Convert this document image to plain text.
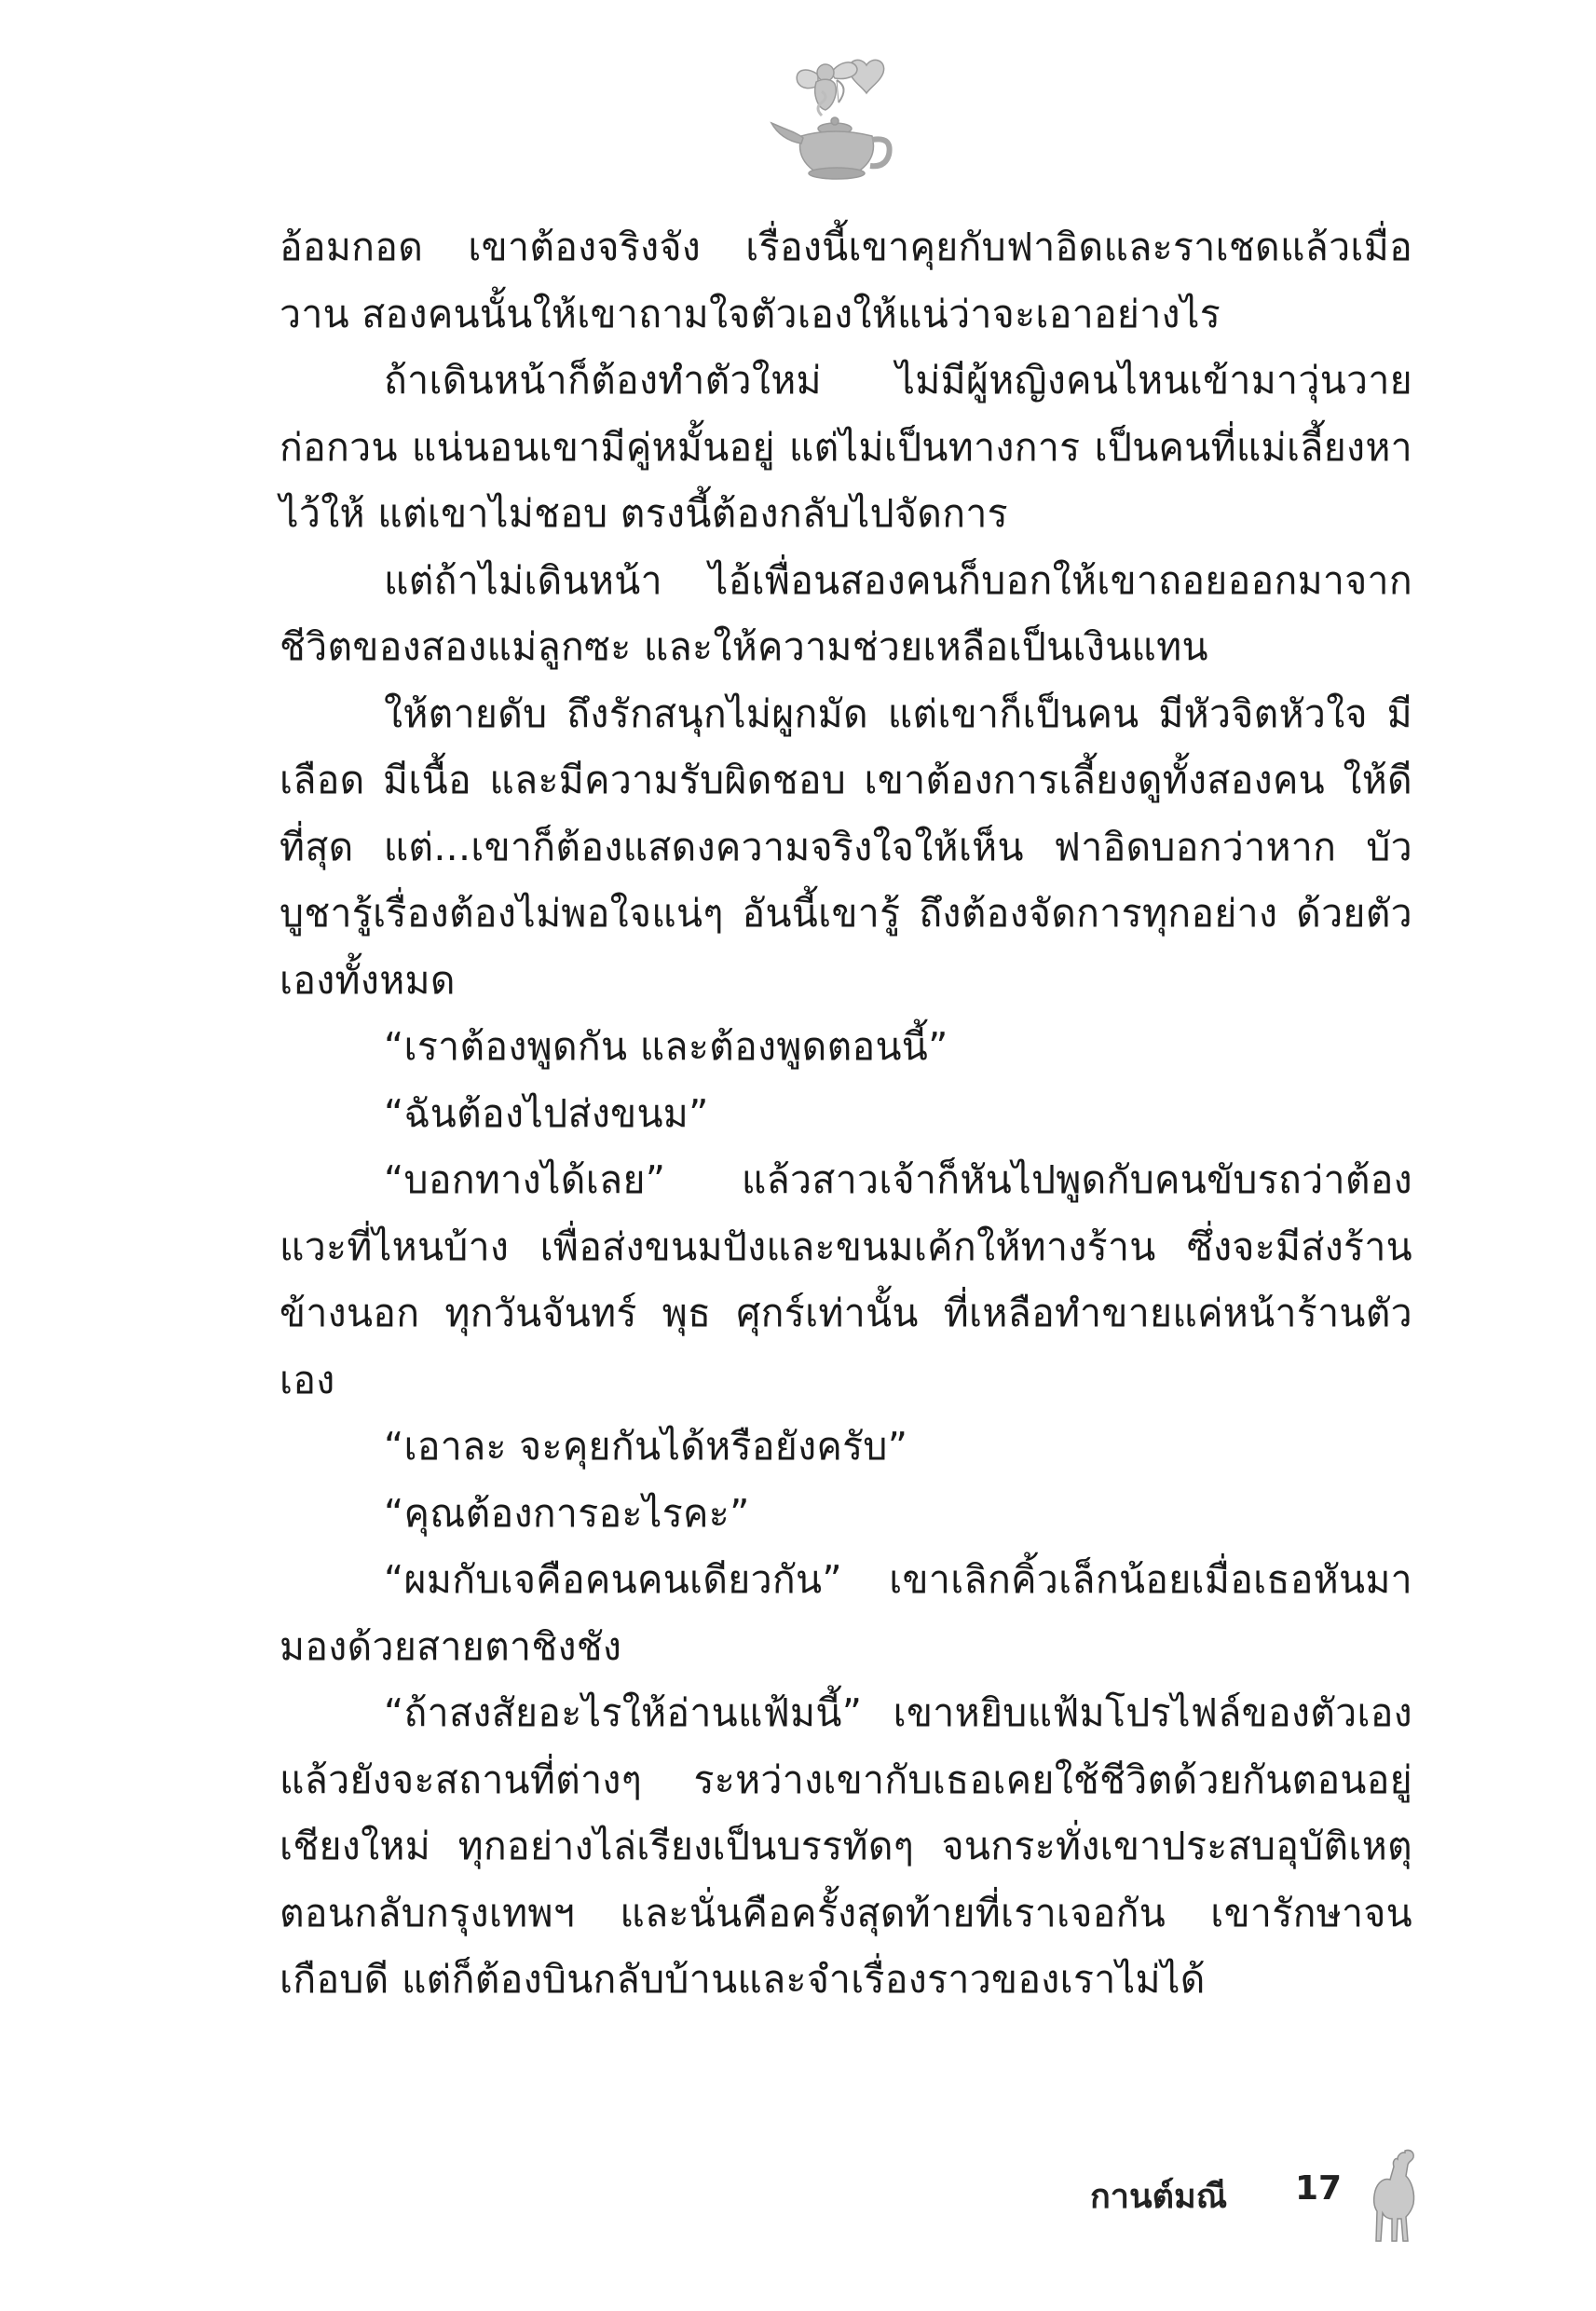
อ้อมกอด เขาต้องจริงจัง เรื่องนี้เขาคุยกับฟาอิดและราเชดแล้วเมื่อวาน สองคนนั้นให้เขาถามใจตัวเองให้แน่ว่าจะเอาอย่างไร

ถ้าเดินหน้าก็ต้องทำตัวใหม่ ไม่มีผู้หญิงคนไหนเข้ามาวุ่นวายก่อกวน แน่นอนเขามีคู่หมั้นอยู่ แต่ไม่เป็นทางการ เป็นคนที่แม่เลี้ยงหาไว้ให้ แต่เขาไม่ชอบ ตรงนี้ต้องกลับไปจัดการ

แต่ถ้าไม่เดินหน้า ไอ้เพื่อนสองคนก็บอกให้เขาถอยออกมาจากชีวิตของสองแม่ลูกซะ และให้ความช่วยเหลือเป็นเงินแทน

ให้ตายดับ ถึงรักสนุกไม่ผูกมัด แต่เขาก็เป็นคน มีหัวจิตหัวใจ มีเลือด มีเนื้อ และมีความรับผิดชอบ เขาต้องการเลี้ยงดูทั้งสองคน ให้ดีที่สุด แต่...เขาก็ต้องแสดงความจริงใจให้เห็น ฟาอิดบอกว่าหาก บัวบูชารู้เรื่องต้องไม่พอใจแน่ๆ อันนี้เขารู้ ถึงต้องจัดการทุกอย่าง ด้วยตัวเองทั้งหมด

“เราต้องพูดกัน และต้องพูดตอนนี้”

“ฉันต้องไปส่งขนม”

“บอกทางได้เลย” แล้วสาวเจ้าก็หันไปพูดกับคนขับรถว่าต้องแวะที่ไหนบ้าง เพื่อส่งขนมปังและขนมเค้กให้ทางร้าน ซึ่งจะมีส่งร้านข้างนอก ทุกวันจันทร์ พุธ ศุกร์เท่านั้น ที่เหลือทำขายแค่หน้าร้านตัวเอง

“เอาละ จะคุยกันได้หรือยังครับ”

“คุณต้องการอะไรคะ”

“ผมกับเจคือคนคนเดียวกัน” เขาเลิกคิ้วเล็กน้อยเมื่อเธอหันมามองด้วยสายตาชิงชัง

“ถ้าสงสัยอะไรให้อ่านแฟ้มนี้” เขาหยิบแฟ้มโปรไฟล์ของตัวเอง แล้วยังจะสถานที่ต่างๆ ระหว่างเขากับเธอเคยใช้ชีวิตด้วยกันตอนอยู่ เชียงใหม่ ทุกอย่างไล่เรียงเป็นบรรทัดๆ จนกระทั่งเขาประสบอุบัติเหตุ ตอนกลับกรุงเทพฯ และนั่นคือครั้งสุดท้ายที่เราเจอกัน เขารักษาจน เกือบดี แต่ก็ต้องบินกลับบ้านและจำเรื่องราวของเราไม่ได้

กานต์มณี 17
